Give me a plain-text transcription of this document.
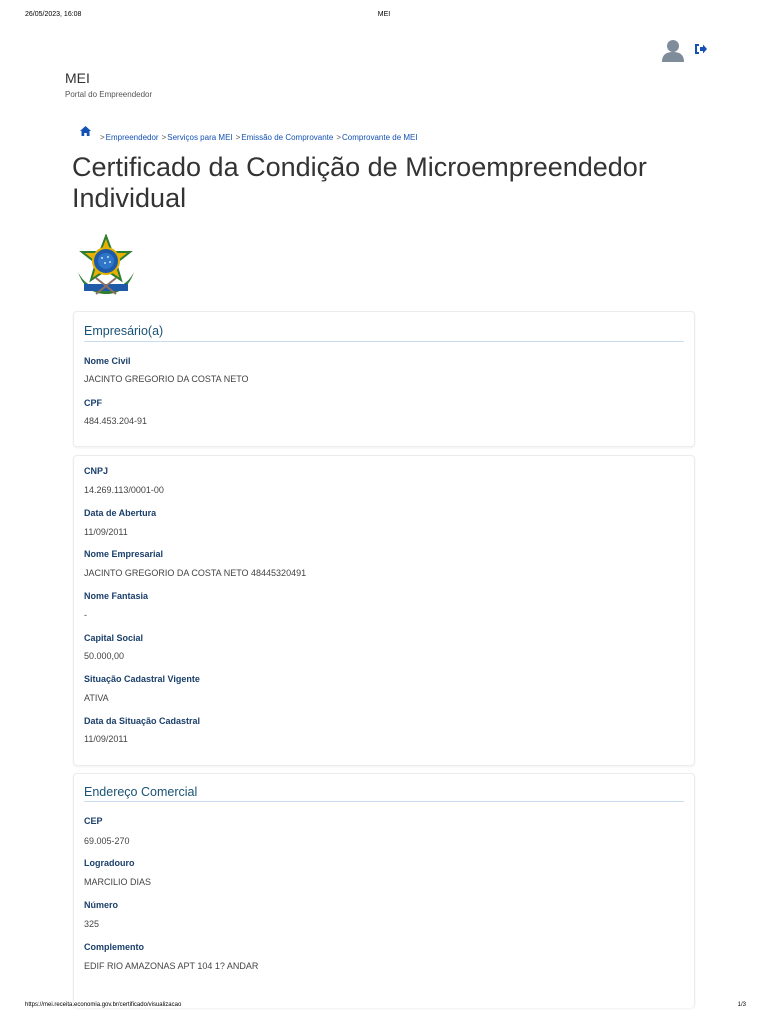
26/05/2023, 16:08	MEI
MEI
Portal do Empreendedor
>Empreendedor >Serviços para MEI >Emissão de Comprovante >Comprovante de MEI
Certificado da Condição de Microempreendedor Individual
Empresário(a)
Nome Civil
JACINTO GREGORIO DA COSTA NETO
CPF
484.453.204-91
CNPJ
14.269.113/0001-00
Data de Abertura
11/09/2011
Nome Empresarial
JACINTO GREGORIO DA COSTA NETO 48445320491
Nome Fantasia
-
Capital Social
50.000,00
Situação Cadastral Vigente
ATIVA
Data da Situação Cadastral
11/09/2011
Endereço Comercial
CEP
69.005-270
Logradouro
MARCILIO DIAS
Número
325
Complemento
EDIF RIO AMAZONAS APT 104 1? ANDAR
https://mei.receita.economia.gov.br/certificado/visualizacao	1/3
